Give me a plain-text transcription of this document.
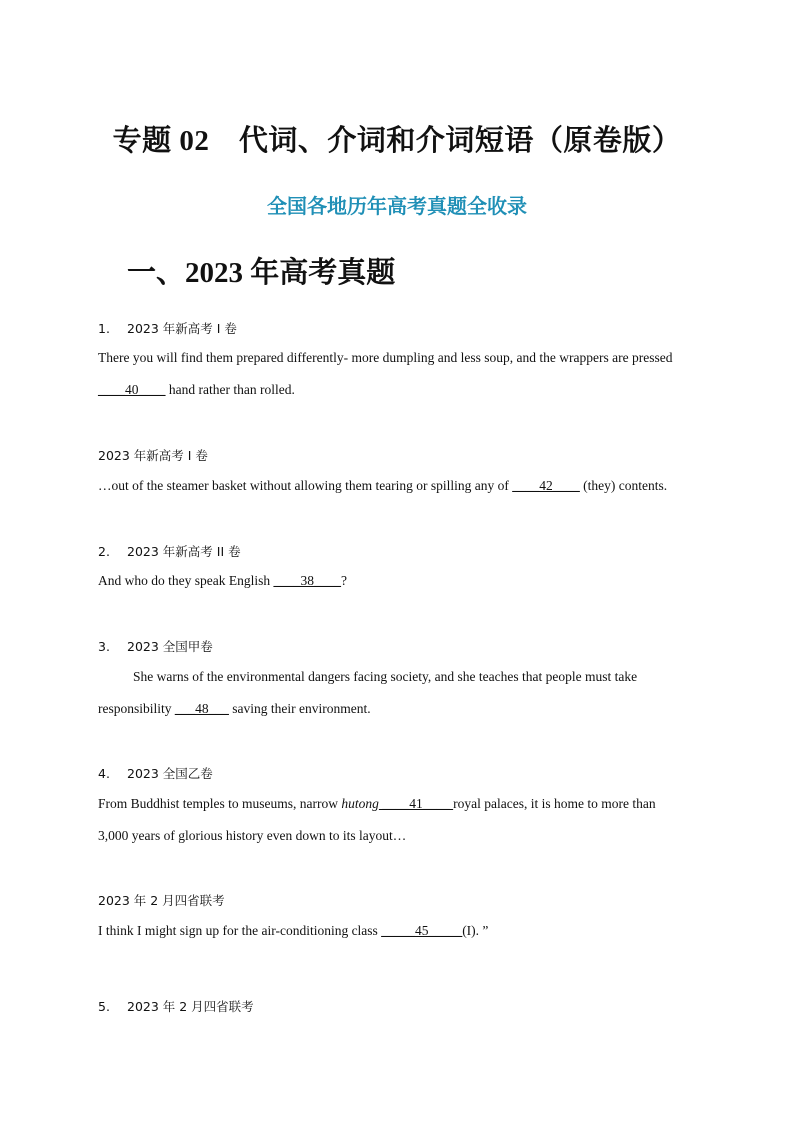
专题 02　代词、介词和介词短语（原卷版）
全国各地历年高考真题全收录
一、2023 年高考真题
1. 2023 年新高考 I 卷
There you will find them prepared differently- more dumpling and less soup, and the wrappers are pressed
____40____ hand rather than rolled.
2023 年新高考 I 卷
…out of the steamer basket without allowing them tearing or spilling any of ____42____ (they) contents.
2. 2023 年新高考 II 卷
And who do they speak English ____38____?
3. 2023 全国甲卷
She warns of the environmental dangers facing society, and she teaches that people must take
responsibility ___48___ saving their environment.
4. 2023 全国乙卷
From Buddhist temples to museums, narrow hutong ____41____ royal palaces, it is home to more than
3,000 years of glorious history even down to its layout…
2023 年 2 月四省联考
I think I might sign up for the air-conditioning class _____45_____(I). ”
5. 2023 年 2 月四省联考
